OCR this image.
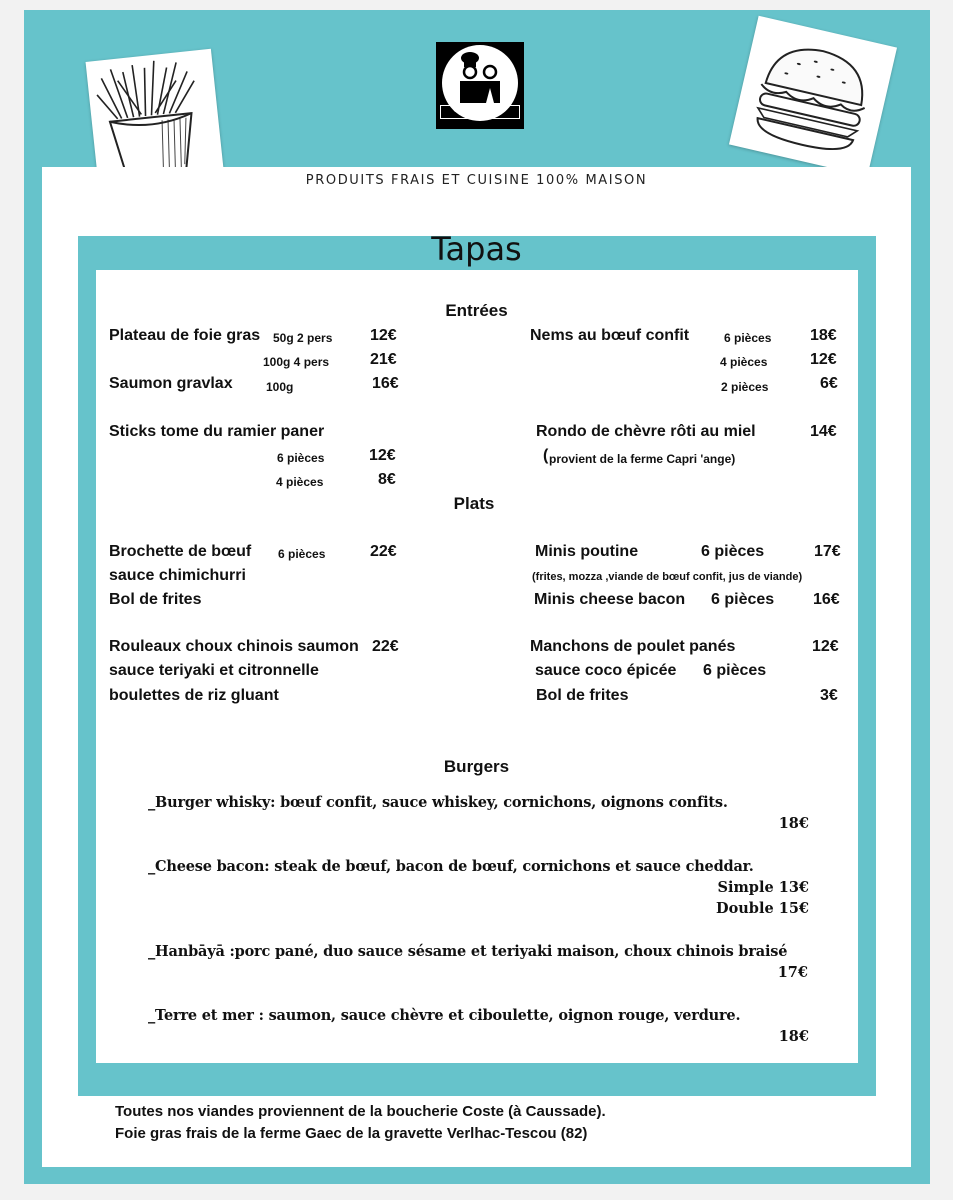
Ô FRAIS'RO
PRODUITS FRAIS ET CUISINE 100% MAISON
Tapas
Entrées
Plateau de foie gras 50g 2 pers 12€
100g 4 pers	21€
Saumon gravlax	100g	16€
Sticks tome du ramier paner
6 pièces	12€
4 pièces	8€
Nems au bœuf confit	6 pièces 18€
4 pièces	12€
2 pièces	6€
Rondo de chèvre rôti au miel	14€
( provient de la ferme Capri 'ange)
Plats
Brochette de bœuf 6 pièces	22€
sauce chimichurri
Bol de frites
Rouleaux choux chinois saumon 22€
sauce teriyaki et citronnelle
boulettes de riz gluant
Minis poutine	6 pièces	17€
(frites, mozza ,viande de bœuf confit, jus de viande)
Minis cheese bacon 6 pièces 16€
Manchons de poulet panés	12€
sauce coco épicée 6 pièces
Bol de frites	3€
Burgers
_Burger whisky: bœuf confit, sauce whiskey, cornichons, oignons confits.
18€
_Cheese bacon: steak de bœuf, bacon de bœuf, cornichons et sauce cheddar.
Simple 13€
Double 15€
_Hanbāyā :porc pané, duo sauce sésame et teriyaki maison, choux chinois braisé
17€
_Terre et mer : saumon, sauce chèvre et ciboulette, oignon rouge, verdure.
18€
Toutes nos viandes proviennent de la boucherie Coste (à Caussade).
Foie gras frais de la ferme Gaec de la gravette Verlhac-Tescou (82)
